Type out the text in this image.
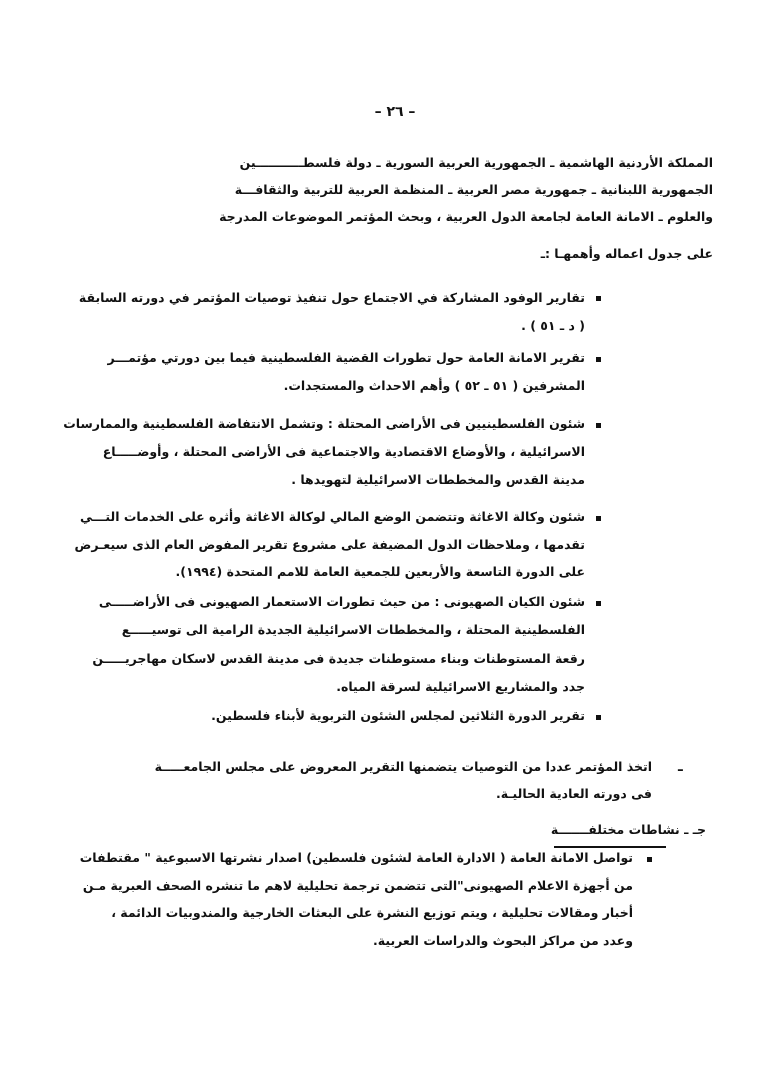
– ٢٦ –
المملكة الأردنية الهاشمية ـ الجمهورية العربية السورية ـ دولة فلسطـــــــــــين
الجمهورية اللبنانية ـ جمهورية مصر العربية ـ المنظمة العربية للتربية والثقافـــة
والعلوم ـ الامانة العامة لجامعة الدول العربية ، وبحث المؤتمر الموضوعات المدرجة
على جدول اعماله وأهمهـا :ـ
تقارير الوفود المشاركة في الاجتماع حول تنفيذ توصيات المؤتمر في دورته السابقة
( د ـ ٥١ ) .
تقرير الامانة العامة حول تطورات القضية الفلسطينية فيما بين دورتي مؤتمـــر
المشرفين ( ٥١ ـ ٥٢ ) وأهم الاحداث والمستجدات.
شئون الفلسطينيين فى الأراضى المحتلة : وتشمل الانتفاضة الفلسطينية والممارسات
الاسرائيلية ، والأوضاع الاقتصادية والاجتماعية فى الأراضى المحتلة ، وأوضـــــاع
مدينة القدس والمخططات الاسرائيلية لتهويدها .
شئون وكالة الاغاثة وتتضمن الوضع المالي لوكالة الاغاثة وأثره على الخدمات التـــي
تقدمها ، وملاحظات الدول المضيفة على مشروع تقرير المفوض العام الذى سيعـرض
على الدورة التاسعة والأربعين للجمعية العامة للامم المتحدة (١٩٩٤).
شئون الكيان الصهيونى : من حيث تطورات الاستعمار الصهيونى فى الأراضـــــى
الفلسطينية المحتلة ، والمخططات الاسرائيلية الجديدة الرامية الى توسيـــــع
رقعة المستوطنات وبناء مستوطنات جديدة فى مدينة القدس لاسكان مهاجريـــــن
جدد والمشاريع الاسرائيلية لسرقة المياه.
تقرير الدورة الثلاثين لمجلس الشئون التربوية لأبناء فلسطين.
ـ
اتخذ المؤتمر عددا من التوصيات يتضمنها التقرير المعروض على مجلس الجامعـــــة
فى دورته العادية الحاليـة.
جـ ـ نشاطات مختلفـــــــة
تواصل الامانة العامة ( الادارة العامة لشئون فلسطين) اصدار نشرتها الاسبوعية " مقتطفات
من أجهزة الاعلام الصهيونى"التى تتضمن ترجمة تحليلية لاهم ما تنشره الصحف العبرية مـن
أخبار ومقالات تحليلية ، ويتم توزيع النشرة على البعثات الخارجية والمندوبيات الدائمة ،
وعدد من مراكز البحوث والدراسات العربية.
